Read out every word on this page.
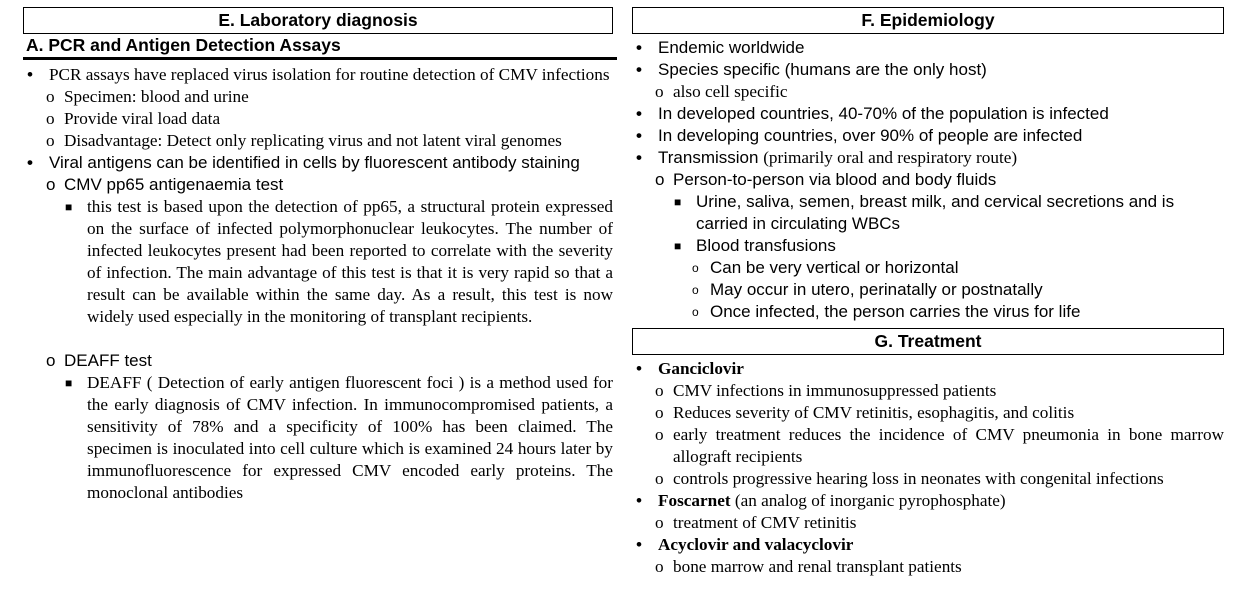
E. Laboratory diagnosis
A. PCR and Antigen Detection Assays
• PCR assays have replaced virus isolation for routine detection of CMV infections
o Specimen: blood and urine
o Provide viral load data
o Disadvantage: Detect only replicating virus and not latent viral genomes
• Viral antigens can be identified in cells by fluorescent antibody staining
o CMV pp65 antigenaemia test
■ this test is based upon the detection of pp65, a structural protein expressed on the surface of infected polymorphonuclear leukocytes. The number of infected leukocytes present had been reported to correlate with the severity of infection. The main advantage of this test is that it is very rapid so that a result can be available within the same day. As a result, this test is now widely used especially in the monitoring of transplant recipients.
o DEAFF test
■ DEAFF ( Detection of early antigen fluorescent foci ) is a method used for the early diagnosis of CMV infection. In immunocompromised patients, a sensitivity of 78% and a specificity of 100% has been claimed. The specimen is inoculated into cell culture which is examined 24 hours later by immunofluorescence for expressed CMV encoded early proteins. The monoclonal antibodies
F. Epidemiology
• Endemic worldwide
• Species specific (humans are the only host)
o also cell specific
• In developed countries, 40-70% of the population is infected
• In developing countries, over 90% of people are infected
• Transmission (primarily oral and respiratory route)
o Person-to-person via blood and body fluids
■ Urine, saliva, semen, breast milk, and cervical secretions and is carried in circulating WBCs
■ Blood transfusions
o Can be very vertical or horizontal
o May occur in utero, perinatally or postnatally
o Once infected, the person carries the virus for life
G. Treatment
• Ganciclovir
o CMV infections in immunosuppressed patients
o Reduces severity of CMV retinitis, esophagitis, and colitis
o early treatment reduces the incidence of CMV pneumonia in bone marrow allograft recipients
o controls progressive hearing loss in neonates with congenital infections
• Foscarnet (an analog of inorganic pyrophosphate)
o treatment of CMV retinitis
• Acyclovir and valacyclovir
o bone marrow and renal transplant patients
